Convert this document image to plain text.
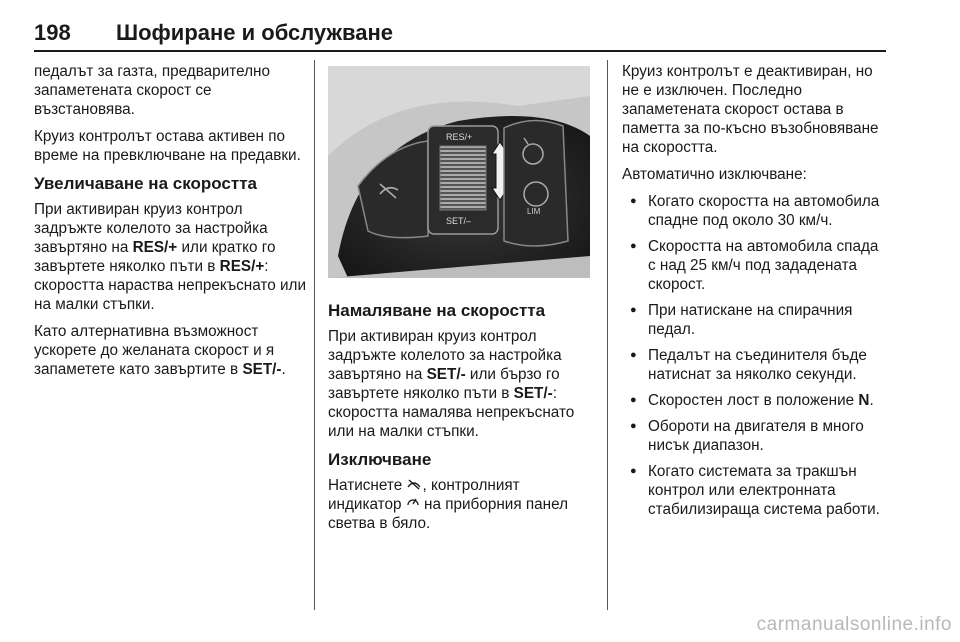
198 Шофиране и обслужване

педалът за газта, предварително запаметената скорост се възстановява.

Круиз контролът остава активен по време на превключване на предавки.

Увеличаване на скоростта

При активиран круиз контрол задръжте колелото за настройка завъртяно на RES/+ или кратко го завъртете няколко пъти в RES/+: скоростта нараства непрекъснато или на малки стъпки.

Като алтернативна възможност ускорете до желаната скорост и я запаметете като завъртите в SET/-.

RES/+
SET/–
LIM
Намаляване на скоростта

При активиран круиз контрол задръжте колелото за настройка завъртяно на SET/- или бързо го завъртете няколко пъти в SET/-: скоростта намалява непрекъснато или на малки стъпки.

Изключване

Натиснете , контролният индикатор  на приборния панел светва в бяло.

Круиз контролът е деактивиран, но не е изключен. Последно запаметената скорост остава в паметта за по-късно възобновяване на скоростта.

Автоматично изключване:

● Когато скоростта на автомобила спадне под около 30 км/ч.
● Скоростта на автомобила спада с над 25 км/ч под зададената скорост.
● При натискане на спирачния педал.
● Педалът на съединителя бъде натиснат за няколко секунди.
● Скоростен лост в положение N.
● Обороти на двигателя в много нисък диапазон.
● Когато системата за тракшън контрол или електронната стабилизираща система работи.
carmanualsonline.info
